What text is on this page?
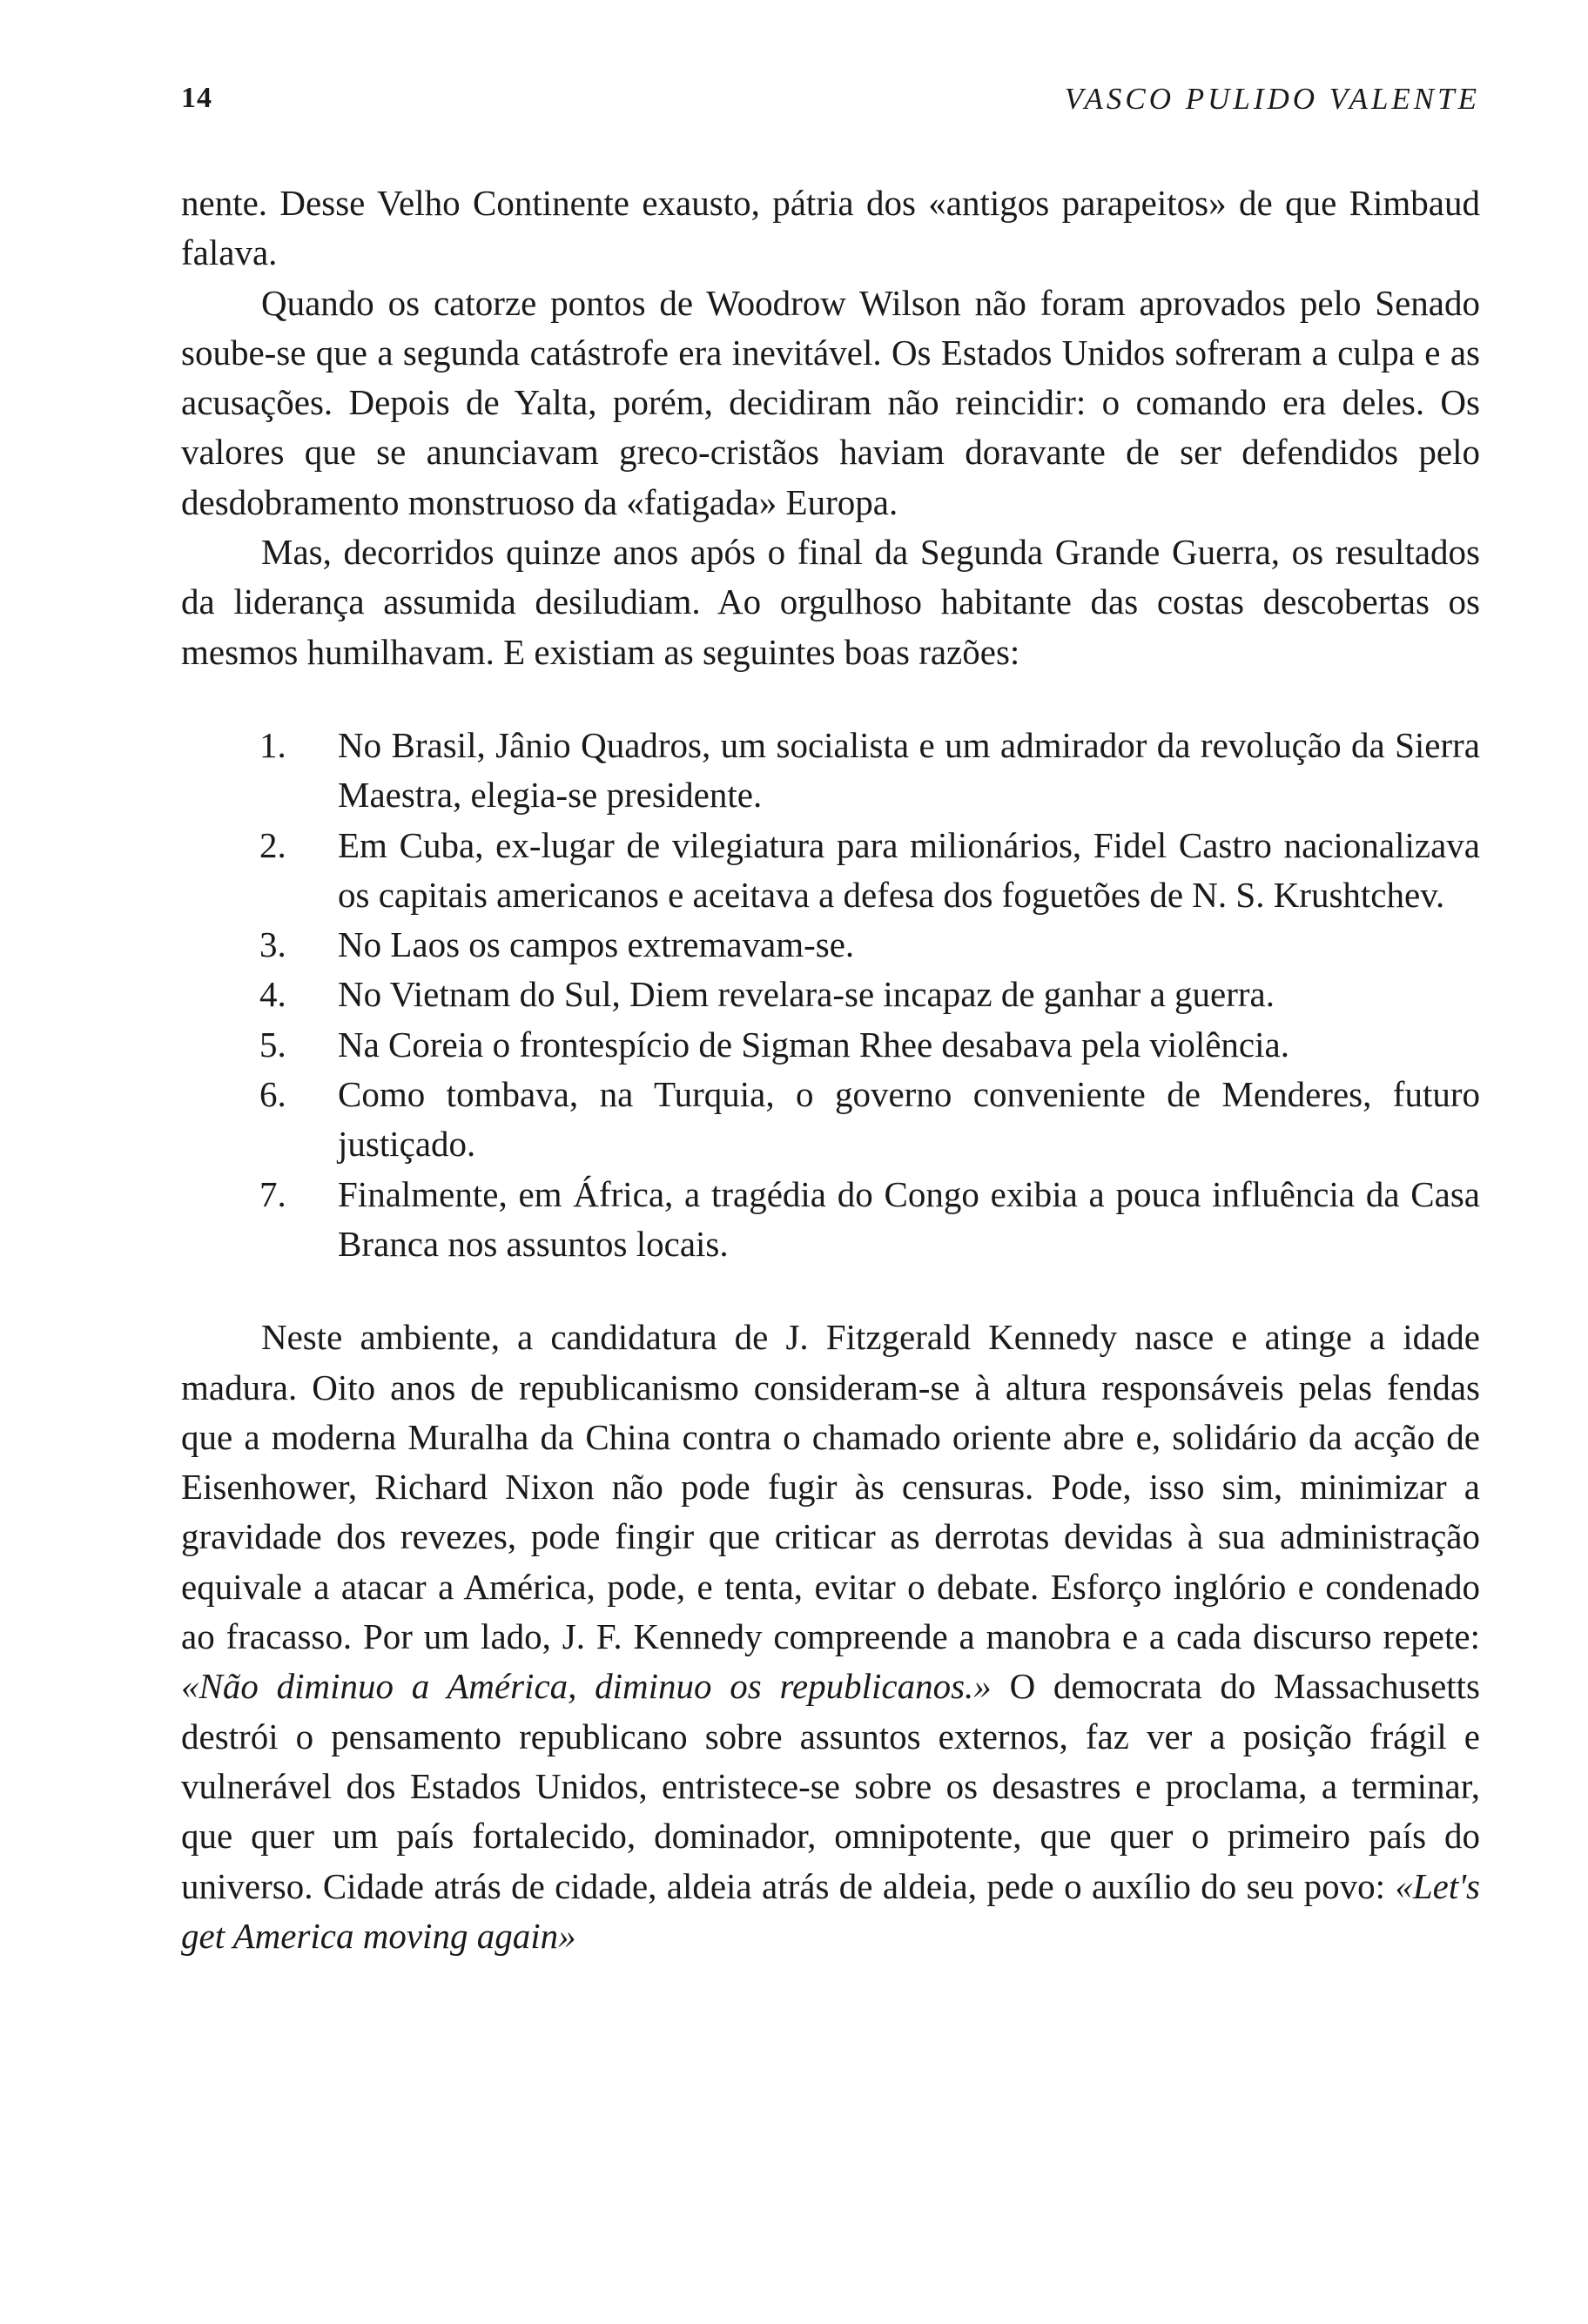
14	VASCO PULIDO VALENTE

nente. Desse Velho Continente exausto, pátria dos «antigos parapeitos» de que Rimbaud falava.

Quando os catorze pontos de Woodrow Wilson não foram aprovados pelo Senado soube-se que a segunda catástrofe era inevitável. Os Estados Unidos sofreram a culpa e as acusações. Depois de Yalta, porém, decidiram não reincidir: o comando era deles. Os valores que se anunciavam greco-cristãos haviam doravante de ser defendidos pelo desdobramento monstruoso da «fatigada» Europa.

Mas, decorridos quinze anos após o final da Segunda Grande Guerra, os resultados da liderança assumida desiludiam. Ao orgulhoso habitante das costas descobertas os mesmos humilhavam. E existiam as seguintes boas razões:

1.	No Brasil, Jânio Quadros, um socialista e um admirador da revolução da Sierra Maestra, elegia-se presidente.
2.	Em Cuba, ex-lugar de vilegiatura para milionários, Fidel Castro nacionalizava os capitais americanos e aceitava a defesa dos foguetões de N. S. Krushtchev.
3.	No Laos os campos extremavam-se.
4.	No Vietnam do Sul, Diem revelara-se incapaz de ganhar a guerra.
5.	Na Coreia o frontespício de Sigman Rhee desabava pela violência.
6.	Como tombava, na Turquia, o governo conveniente de Menderes, futuro justiçado.
7.	Finalmente, em África, a tragédia do Congo exibia a pouca influência da Casa Branca nos assuntos locais.

Neste ambiente, a candidatura de J. Fitzgerald Kennedy nasce e atinge a idade madura. Oito anos de republicanismo consideram-se à altura responsáveis pelas fendas que a moderna Muralha da China contra o chamado oriente abre e, solidário da acção de Eisenhower, Richard Nixon não pode fugir às censuras. Pode, isso sim, minimizar a gravidade dos revezes, pode fingir que criticar as derrotas devidas à sua administração equivale a atacar a América, pode, e tenta, evitar o debate. Esforço inglório e condenado ao fracasso. Por um lado, J. F. Kennedy compreende a manobra e a cada discurso repete: «Não diminuo a América, diminuo os republicanos.» O democrata do Massachusetts destrói o pensamento republicano sobre assuntos externos, faz ver a posição frágil e vulnerável dos Estados Unidos, entristece-se sobre os desastres e proclama, a terminar, que quer um país fortalecido, dominador, omnipotente, que quer o primeiro país do universo. Cidade atrás de cidade, aldeia atrás de aldeia, pede o auxílio do seu povo: «Let's get America moving again»
